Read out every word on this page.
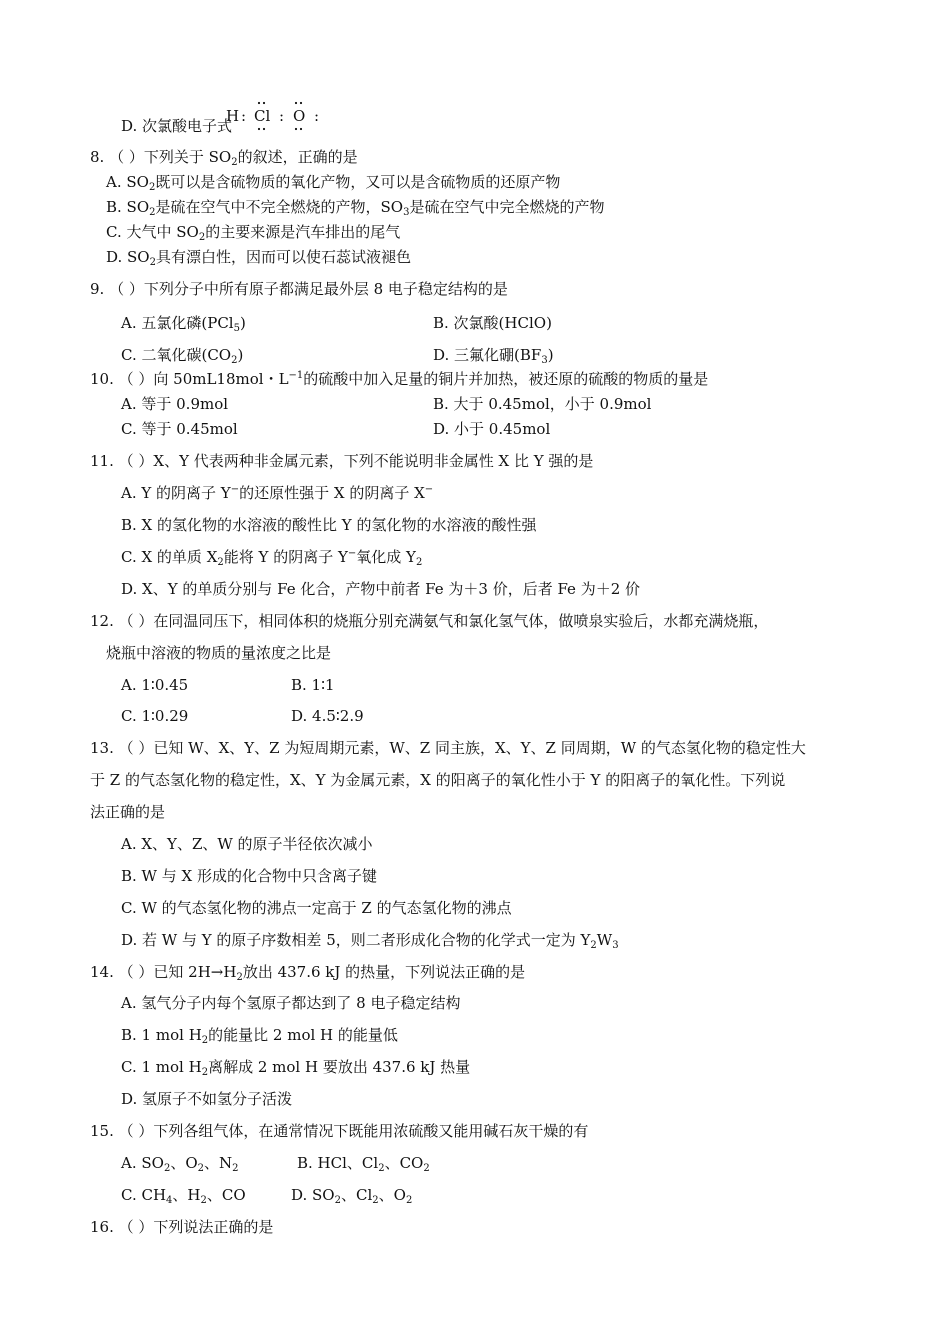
D. 次氯酸电子式
H : Cl : O :
8. （ ）下列关于 $SO_2$的叙述，正确的是
A. $SO_2$既可以是含硫物质的氧化产物，又可以是含硫物质的还原产物
B. $SO_2$是硫在空气中不完全燃烧的产物，$SO_3$是硫在空气中完全燃烧的产物
C. 大气中 $SO_2$的主要来源是汽车排出的尾气
D. $SO_2$具有漂白性，因而可以使石蕊试液褪色
9. （ ）下列分子中所有原子都满足最外层 8 电子稳定结构的是
A. 五氯化磷(PCl$_5$)	B. 次氯酸(HClO)
C. 二氧化碳$(CO_2)$	D. 三氟化硼$(BF_3)$
10. （ ）向 50mL18mol・$L^{-1}$的硫酸中加入足量的铜片并加热，被还原的硫酸的物质的量是
A. 等于 0.9mol	B. 大于 0.45mol，小于 0.9mol
C. 等于 0.45mol	D. 小于 0.45mol
11. （ ）X、Y 代表两种非金属元素，下列不能说明非金属性 X 比 Y 强的是
A. Y 的阴离子 Y−的还原性强于 X 的阴离子 X−
B. X 的氢化物的水溶液的酸性比 Y 的氢化物的水溶液的酸性强
C. X 的单质 $X_2$能将 Y 的阴离子 Y−氧化成 $Y_2$
D. X、Y 的单质分别与 Fe 化合，产物中前者 Fe 为＋3 价，后者 Fe 为＋2 价
12. （ ）在同温同压下，相同体积的烧瓶分别充满氨气和氯化氢气体，做喷泉实验后，水都充满烧瓶，
烧瓶中溶液的物质的量浓度之比是
A. 1∶0.45	B. 1∶1
C. 1∶0.29	D. 4.5∶2.9
13. （ ）已知 W、X、Y、Z 为短周期元素，W、Z 同主族，X、Y、Z 同周期，W 的气态氢化物的稳定性大
于 Z 的气态氢化物的稳定性，X、Y 为金属元素，X 的阳离子的氧化性小于 Y 的阳离子的氧化性。下列说
法正确的是
A. X、Y、Z、W 的原子半径依次减小
B. W 与 X 形成的化合物中只含离子键
C. W 的气态氢化物的沸点一定高于 Z 的气态氢化物的沸点
D. 若 W 与 Y 的原子序数相差 5，则二者形成化合物的化学式一定为 $Y_2W_3$
14. （ ）已知 $2H\to H_2$放出 437.6 kJ 的热量，下列说法正确的是
A. 氢气分子内每个氢原子都达到了 8 电子稳定结构
B. 1 mol $H_2$的能量比 2 mol H 的能量低
C. 1 mol $H_2$离解成 2 mol H 要放出 437.6 kJ 热量
D. 氢原子不如氢分子活泼
15. （ ）下列各组气体，在通常情况下既能用浓硫酸又能用碱石灰干燥的有
A. $SO_2$、$O_2$、$N_2$	B. HCl、$Cl_2$、$CO_2$
C. $CH_4$、$H_2$、CO	D. $SO_2$、$Cl_2$、$O_2$
16. （ ）下列说法正确的是
